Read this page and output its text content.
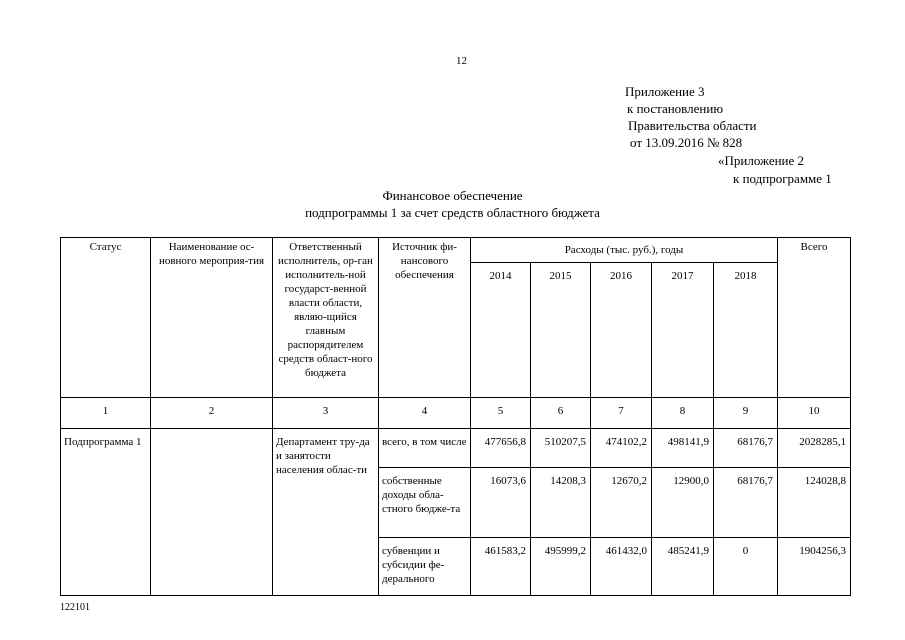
12
Приложение 3
к постановлению
Правительства области
от 13.09.2016 № 828
«Приложение 2
к подпрограмме 1
Финансовое обеспечение
подпрограммы 1 за счет средств областного бюджета
Статус	Наименование ос-новного мероприя-тия	Ответственный исполнитель, ор-ган исполнитель-ной государст-венной власти области, являю-щийся главным распорядителем средств област-ного бюджета	Источник фи-нансового обеспечения	Расходы (тыс. руб.), годы					Всего
				2014	2015	2016	2017	2018	
1	2	3	4	5	6	7	8	9	10
Подпрограмма 1		Департамент тру-да и занятости населения облас-ти	всего, в том числе	477656,8	510207,5	474102,2	498141,9	68176,7	2028285,1
			собственные доходы обла-стного бюдже-та	16073,6	14208,3	12670,2	12900,0	68176,7	124028,8
			субвенции и субсидии фе-дерального	461583,2	495999,2	461432,0	485241,9	0	1904256,3
122101
